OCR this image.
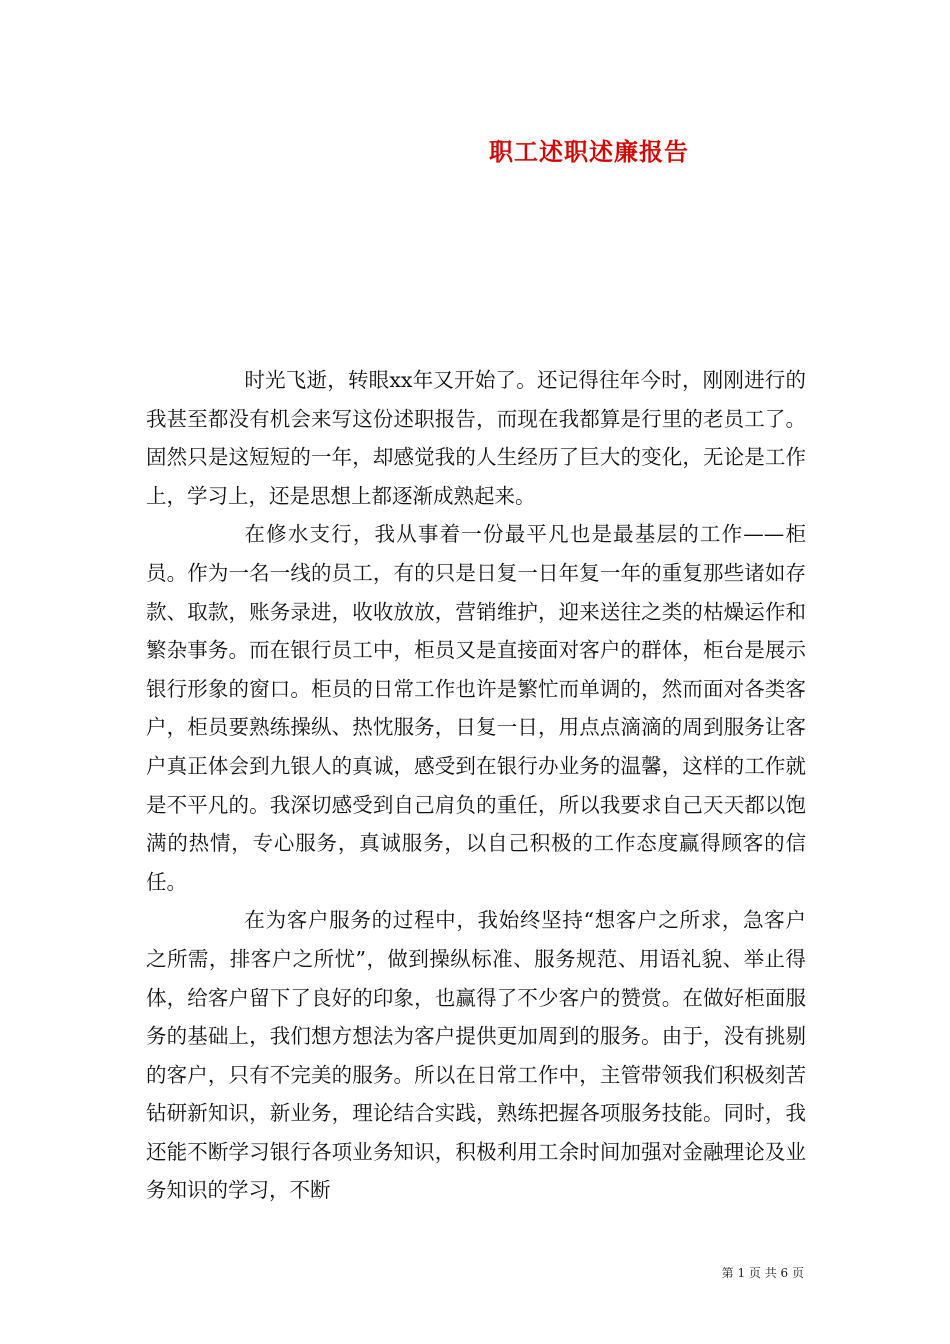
职工述职述廉报告

时光飞逝，转眼xx年又开始了。还记得往年今时，刚刚进行的我甚至都没有机会来写这份述职报告，而现在我都算是行里的老员工了。固然只是这短短的一年，却感觉我的人生经历了巨大的变化，无论是工作上，学习上，还是思想上都逐渐成熟起来。

在修水支行，我从事着一份最平凡也是最基层的工作——柜员。作为一名一线的员工，有的只是日复一日年复一年的重复那些诸如存款、取款，账务录进，收收放放，营销维护，迎来送往之类的枯燥运作和繁杂事务。而在银行员工中，柜员又是直接面对客户的群体，柜台是展示银行形象的窗口。柜员的日常工作也许是繁忙而单调的，然而面对各类客户，柜员要熟练操纵、热忱服务，日复一日，用点点滴滴的周到服务让客户真正体会到九银人的真诚，感受到在银行办业务的温馨，这样的工作就是不平凡的。我深切感受到自己肩负的重任，所以我要求自己天天都以饱满的热情，专心服务，真诚服务，以自己积极的工作态度赢得顾客的信任。

在为客户服务的过程中，我始终坚持“想客户之所求，急客户之所需，排客户之所忧”，做到操纵标准、服务规范、用语礼貌、举止得体，给客户留下了良好的印象，也赢得了不少客户的赞赏。在做好柜面服务的基础上，我们想方想法为客户提供更加周到的服务。由于，没有挑剔的客户，只有不完美的服务。所以在日常工作中，主管带领我们积极刻苦钻研新知识，新业务，理论结合实践，熟练把握各项服务技能。同时，我还能不断学习银行各项业务知识，积极利用工余时间加强对金融理论及业务知识的学习，不断

第 1 页 共 6 页
